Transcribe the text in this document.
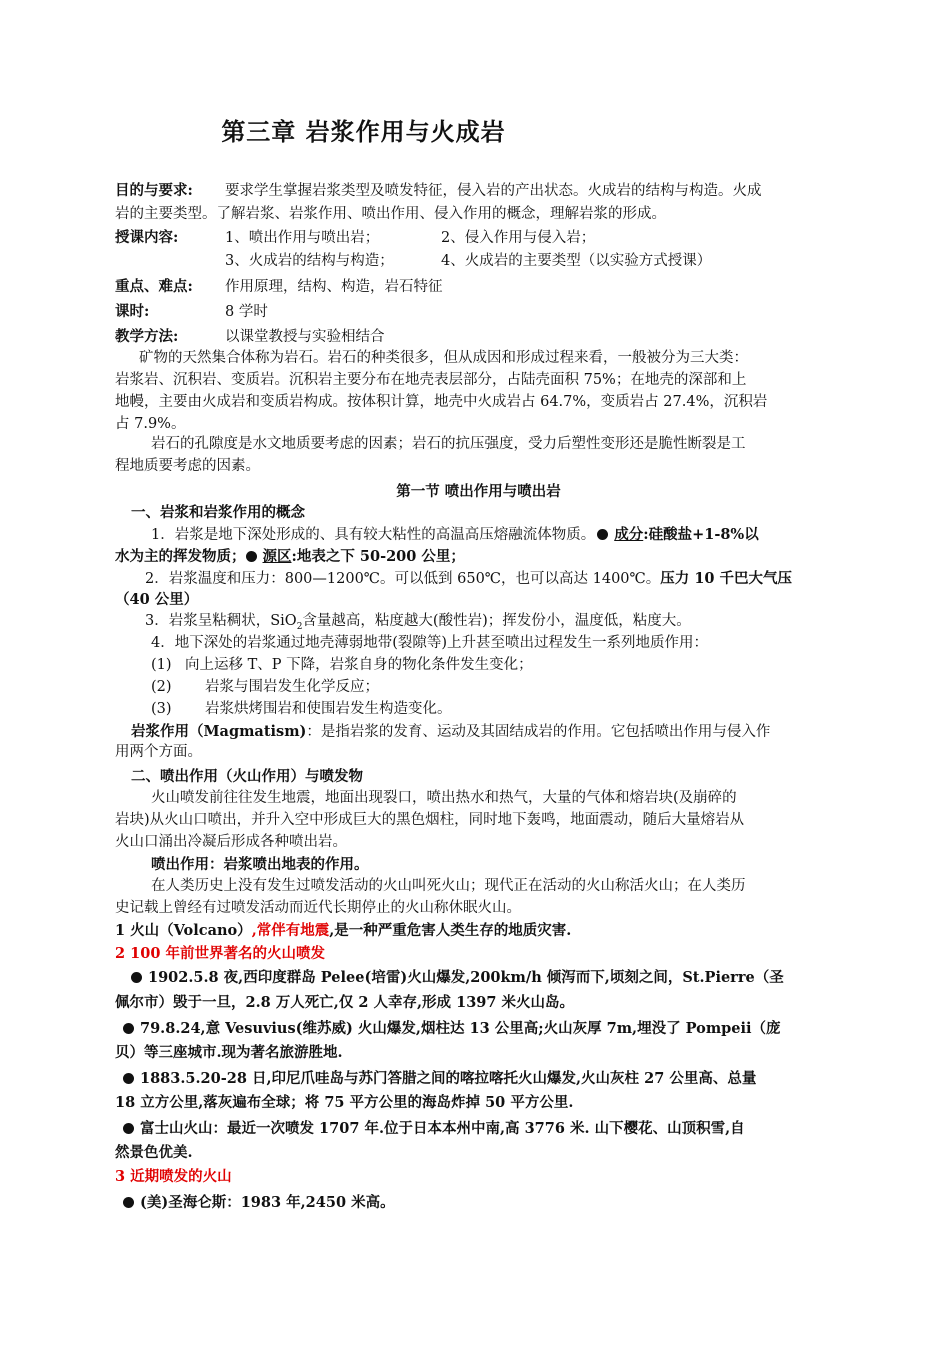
第三章 岩浆作用与火成岩
目的与要求: 要求学生掌握岩浆类型及喷发特征，侵入岩的产出状态。火成岩的结构与构造。火成
岩的主要类型。了解岩浆、岩浆作用、喷出作用、侵入作用的概念，理解岩浆的形成。
授课内容:	1、喷出作用与喷出岩；	2、侵入作用与侵入岩；
3、火成岩的结构与构造；	4、火成岩的主要类型（以实验方式授课）
重点、难点: 作用原理，结构、构造，岩石特征
课时:	8 学时
教学方法:	以课堂教授与实验相结合
矿物的天然集合体称为岩石。岩石的种类很多，但从成因和形成过程来看，一般被分为三大类：
岩浆岩、沉积岩、变质岩。沉积岩主要分布在地壳表层部分，占陆壳面积 75%；在地壳的深部和上
地幔，主要由火成岩和变质岩构成。按体积计算，地壳中火成岩占 64.7%，变质岩占 27.4%，沉积岩
占 7.9%。
岩石的孔隙度是水文地质要考虑的因素；岩石的抗压强度，受力后塑性变形还是脆性断裂是工
程地质要考虑的因素。
第一节 喷出作用与喷出岩
一、岩浆和岩浆作用的概念
1．岩浆是地下深处形成的、具有较大粘性的高温高压熔融流体物质。 成分:硅酸盐+1-8%以
水为主的挥发物质； 源区:地表之下 50-200 公里；
2．岩浆温度和压力：800—1200℃。可以低到 650℃，也可以高达 1400℃。压力 10 千巴大气压
（40 公里）
3．岩浆呈粘稠状，SiO$_2$含量越高，粘度越大(酸性岩)；挥发份小，温度低，粘度大。
4．地下深处的岩浆通过地壳薄弱地带(裂隙等)上升甚至喷出过程发生一系列地质作用：
(1) 向上运移 T、P 下降，岩浆自身的物化条件发生变化；
(2) 岩浆与围岩发生化学反应；
(3) 岩浆烘烤围岩和使围岩发生构造变化。
岩浆作用（Magmatism)：是指岩浆的发育、运动及其固结成岩的作用。它包括喷出作用与侵入作
用两个方面。
二、喷出作用（火山作用）与喷发物
火山喷发前往往发生地震，地面出现裂口，喷出热水和热气，大量的气体和熔岩块(及崩碎的
岩块)从火山口喷出，并升入空中形成巨大的黑色烟柱，同时地下轰鸣，地面震动，随后大量熔岩从
火山口涌出冷凝后形成各种喷出岩。
喷出作用：岩浆喷出地表的作用。
在人类历史上没有发生过喷发活动的火山叫死火山；现代正在活动的火山称活火山；在人类历
史记载上曾经有过喷发活动而近代长期停止的火山称休眠火山。
1 火山（Volcano）,常伴有地震,是一种严重危害人类生存的地质灾害.
2 100 年前世界著名的火山喷发
1902.5.8 夜,西印度群岛 Pelee(培雷)火山爆发,200km/h 倾泻而下,顷刻之间，St.Pierre（圣
佩尔市）毁于一旦，2.8 万人死亡,仅 2 人幸存,形成 1397 米火山岛。
79.8.24,意 Vesuvius(维苏威) 火山爆发,烟柱达 13 公里高;火山灰厚 7m,埋没了 Pompeii（庞
贝）等三座城市.现为著名旅游胜地.
1883.5.20-28 日,印尼爪哇岛与苏门答腊之间的喀拉喀托火山爆发,火山灰柱 27 公里高、总量
18 立方公里,落灰遍布全球；将 75 平方公里的海岛炸掉 50 平方公里.
富士山火山：最近一次喷发 1707 年.位于日本本州中南,高 3776 米. 山下樱花、山顶积雪,自
然景色优美.
3 近期喷发的火山
(美)圣海仑斯：1983 年,2450 米高。
